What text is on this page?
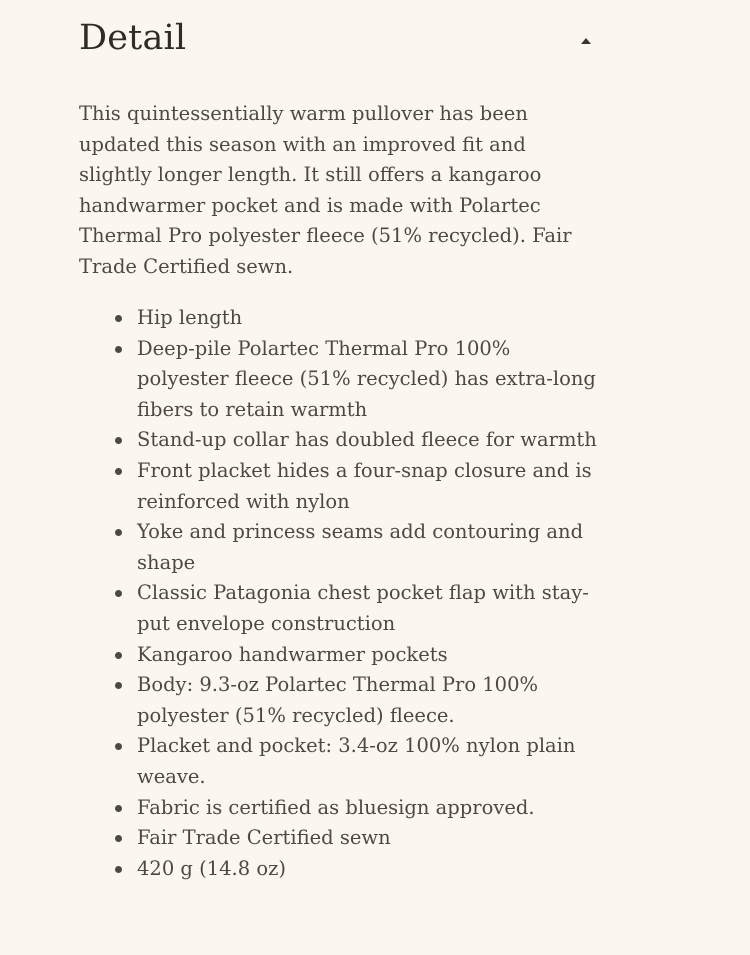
Detail

This quintessentially warm pullover has been updated this season with an improved fit and slightly longer length. It still offers a kangaroo handwarmer pocket and is made with Polartec Thermal Pro polyester fleece (51% recycled). Fair Trade Certified sewn.

Hip length
Deep-pile Polartec Thermal Pro 100% polyester fleece (51% recycled) has extra-long fibers to retain warmth
Stand-up collar has doubled fleece for warmth
Front placket hides a four-snap closure and is reinforced with nylon
Yoke and princess seams add contouring and shape
Classic Patagonia chest pocket flap with stay-put envelope construction
Kangaroo handwarmer pockets
Body: 9.3-oz Polartec Thermal Pro 100% polyester (51% recycled) fleece.
Placket and pocket: 3.4-oz 100% nylon plain weave.
Fabric is certified as bluesign approved.
Fair Trade Certified sewn
420 g (14.8 oz)
